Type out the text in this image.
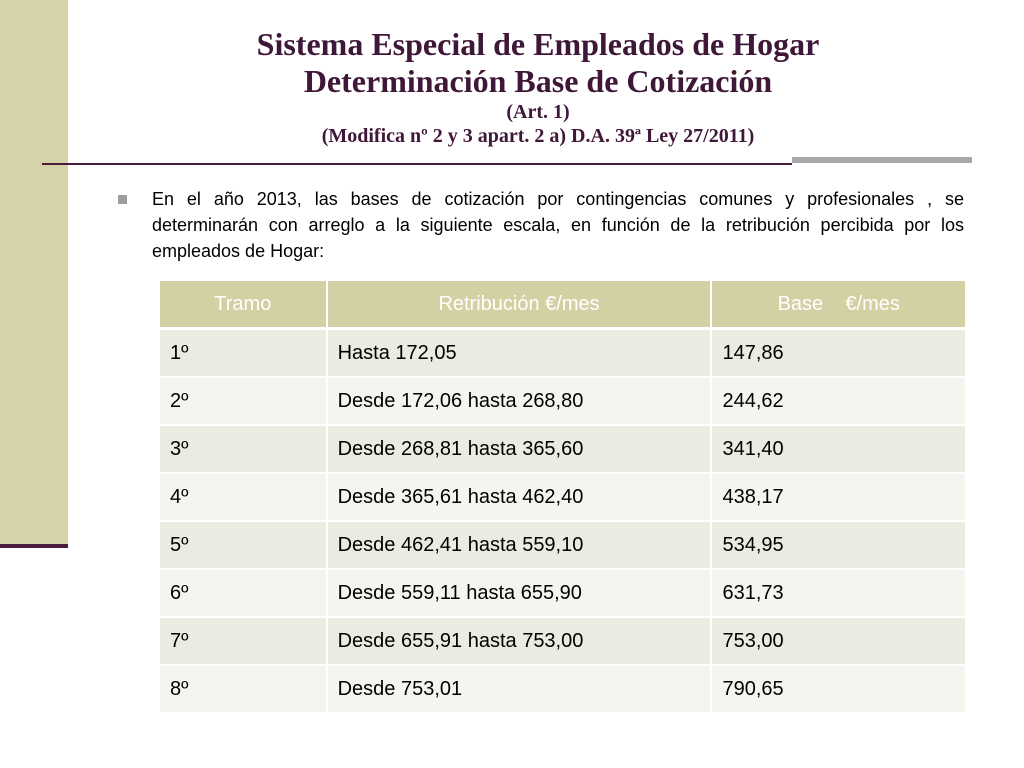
Sistema Especial de Empleados de Hogar
Determinación Base de Cotización
(Art. 1)
(Modifica nº 2 y 3 apart. 2 a) D.A. 39ª Ley 27/2011)
En el año 2013, las bases de cotización por contingencias comunes y profesionales , se determinarán con arreglo a la siguiente escala, en función de la retribución percibida por los empleados de Hogar:
Tramo	Retribución €/mes	Base    €/mes
1º	Hasta 172,05	147,86
2º	Desde 172,06 hasta 268,80	244,62
3º	Desde 268,81 hasta 365,60	341,40
4º	Desde 365,61 hasta 462,40	438,17
5º	Desde 462,41 hasta 559,10	534,95
6º	Desde 559,11 hasta 655,90	631,73
7º	Desde 655,91 hasta 753,00	753,00
8º	Desde 753,01	790,65
